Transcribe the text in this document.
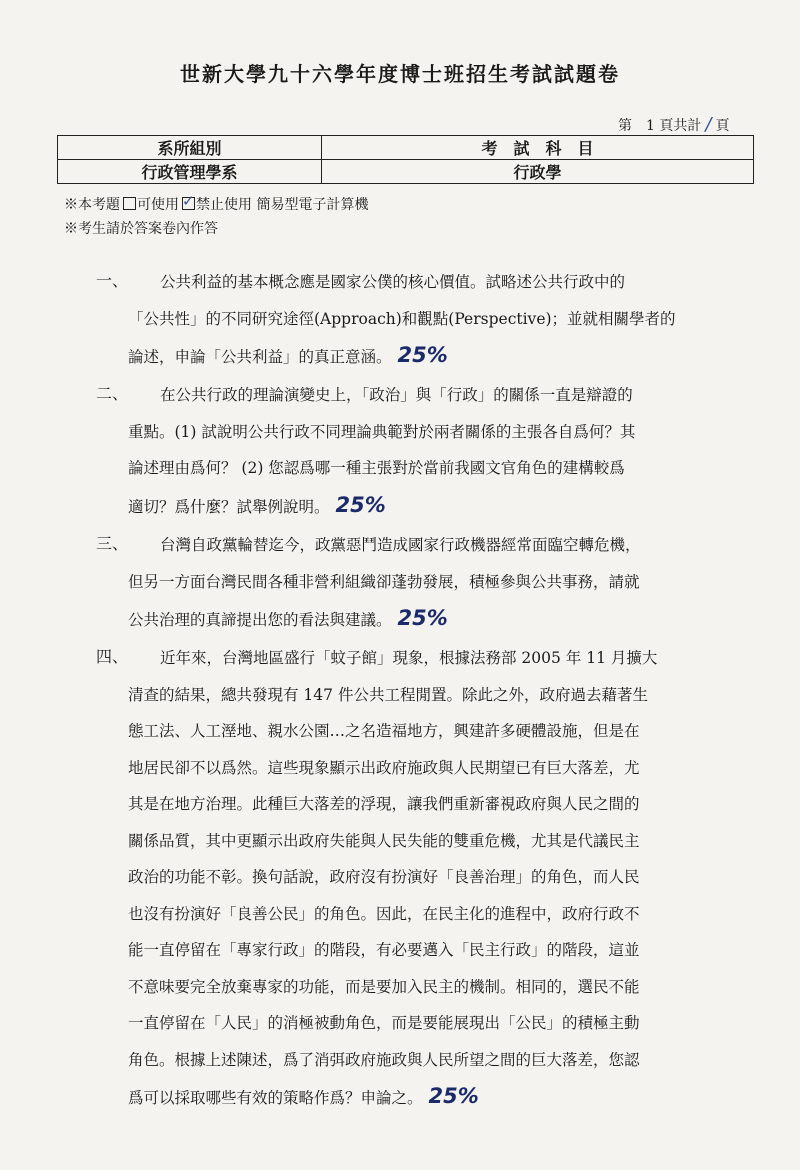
世新大學九十六學年度博士班招生考試試題卷
第　1 頁共計 / 頁
系所組別	考　試　科　目
行政管理學系	行政學
※本考題 可使用 ✓ 禁止使用 簡易型電子計算機
※考生請於答案卷內作答
一、 公共利益的基本概念應是國家公僕的核心價值。試略述公共行政中的
「公共性」的不同研究途徑(Approach)和觀點(Perspective)；並就相關學者的
論述，申論「公共利益」的真正意涵。 25%
二、 在公共行政的理論演變史上，「政治」與「行政」的關係一直是辯證的
重點。(1) 試說明公共行政不同理論典範對於兩者關係的主張各自爲何？其
論述理由爲何？ (2) 您認爲哪一種主張對於當前我國文官角色的建構較爲
適切？爲什麼？試舉例說明。 25%
三、 台灣自政黨輪替迄今，政黨惡鬥造成國家行政機器經常面臨空轉危機，
但另一方面台灣民間各種非營利組織卻蓬勃發展，積極參與公共事務，請就
公共治理的真諦提出您的看法與建議。 25%
四、 近年來，台灣地區盛行「蚊子館」現象，根據法務部 2005 年 11 月擴大
清查的結果，總共發現有 147 件公共工程閒置。除此之外，政府過去藉著生
態工法、人工溼地、親水公園…之名造福地方，興建許多硬體設施，但是在
地居民卻不以爲然。這些現象顯示出政府施政與人民期望已有巨大落差，尤
其是在地方治理。此種巨大落差的浮現，讓我們重新審視政府與人民之間的
關係品質，其中更顯示出政府失能與人民失能的雙重危機，尤其是代議民主
政治的功能不彰。換句話說，政府沒有扮演好「良善治理」的角色，而人民
也沒有扮演好「良善公民」的角色。因此，在民主化的進程中，政府行政不
能一直停留在「專家行政」的階段，有必要邁入「民主行政」的階段，這並
不意味要完全放棄專家的功能，而是要加入民主的機制。相同的，選民不能
一直停留在「人民」的消極被動角色，而是要能展現出「公民」的積極主動
角色。根據上述陳述，爲了消弭政府施政與人民所望之間的巨大落差，您認
爲可以採取哪些有效的策略作爲？申論之。 25%
